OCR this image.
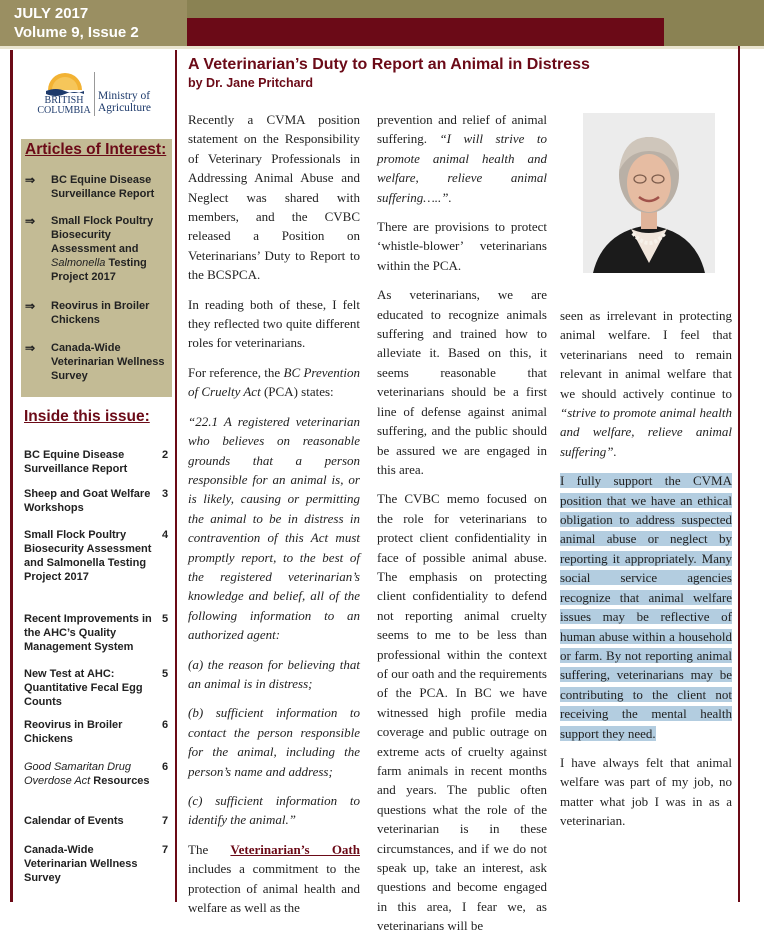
JULY 2017
Volume 9, Issue 2
BRITISH
COLUMBIA
Ministry of
Agriculture
Articles of Interest:
⇒ BC Equine Disease Surveillance Report
⇒ Small Flock Poultry Biosecurity Assessment and Salmonella Testing Project 2017
⇒ Reovirus in Broiler Chickens
⇒ Canada-Wide Veterinarian Wellness Survey
Inside this issue:
BC Equine Disease Surveillance Report
2
Sheep and Goat Welfare Workshops
3
Small Flock Poultry Biosecurity Assessment and Salmonella Testing Project 2017
4
Recent Improvements in the AHC’s Quality Management System
5
New Test at AHC: Quantitative Fecal Egg Counts
5
Reovirus in Broiler Chickens
6
Good Samaritan Drug Overdose Act Resources
6
Calendar of Events	7
Canada-Wide Veterinarian Wellness Survey
7
A Veterinarian’s Duty to Report an Animal in Distress
by Dr. Jane Pritchard

Recently a CVMA position statement on the Responsibility of Veterinary Professionals in Addressing Animal Abuse and Neglect was shared with members, and the CVBC released a Position on Veterinarians’ Duty to Report to the BCSPCA.

In reading both of these, I felt they reflected two quite different roles for veterinarians.

For reference, the BC Prevention of Cruelty Act (PCA) states:

“22.1 A registered veterinarian who believes on reasonable grounds that a person responsible for an animal is, or is likely, causing or permitting the animal to be in distress in contravention of this Act must promptly report, to the best of the registered veterinarian’s knowledge and belief, all of the following information to an authorized agent:

(a) the reason for believing that an animal is in distress;

(b) sufficient information to contact the person responsible for the animal, including the person’s name and address;

(c) sufficient information to identify the animal.”

The Veterinarian’s Oath includes a commitment to the protection of animal health and welfare as well as the

prevention and relief of animal suffering. “I will strive to promote animal health and welfare, relieve animal suffering…..”.

There are provisions to protect ‘whistle-blower’ veterinarians within the PCA.

As veterinarians, we are educated to recognize animals suffering and trained how to alleviate it. Based on this, it seems reasonable that veterinarians should be a first line of defense against animal suffering, and the public should be assured we are engaged in this area.

The CVBC memo focused on the role for veterinarians to protect client confidentiality in face of possible animal abuse. The emphasis on protecting client confidentiality to defend not reporting animal cruelty seems to me to be less than professional within the context of our oath and the requirements of the PCA. In BC we have witnessed high profile media coverage and public outrage on extreme acts of cruelty against farm animals in recent months and years. The public often questions what the role of the veterinarian is in these circumstances, and if we do not speak up, take an interest, ask questions and become engaged in this area, I fear we, as veterinarians will be

seen as irrelevant in protecting animal welfare. I feel that veterinarians need to remain relevant in animal welfare that we should actively continue to “strive to promote animal health and welfare, relieve animal suffering”.

I fully support the CVMA position that we have an ethical obligation to address suspected animal abuse or neglect by reporting it appropriately. Many social service agencies recognize that animal welfare issues may be reflective of human abuse within a household or farm. By not reporting animal suffering, veterinarians may be contributing to the client not receiving the mental health support they need.

I have always felt that animal welfare was part of my job, no matter what job I was in as a veterinarian.
